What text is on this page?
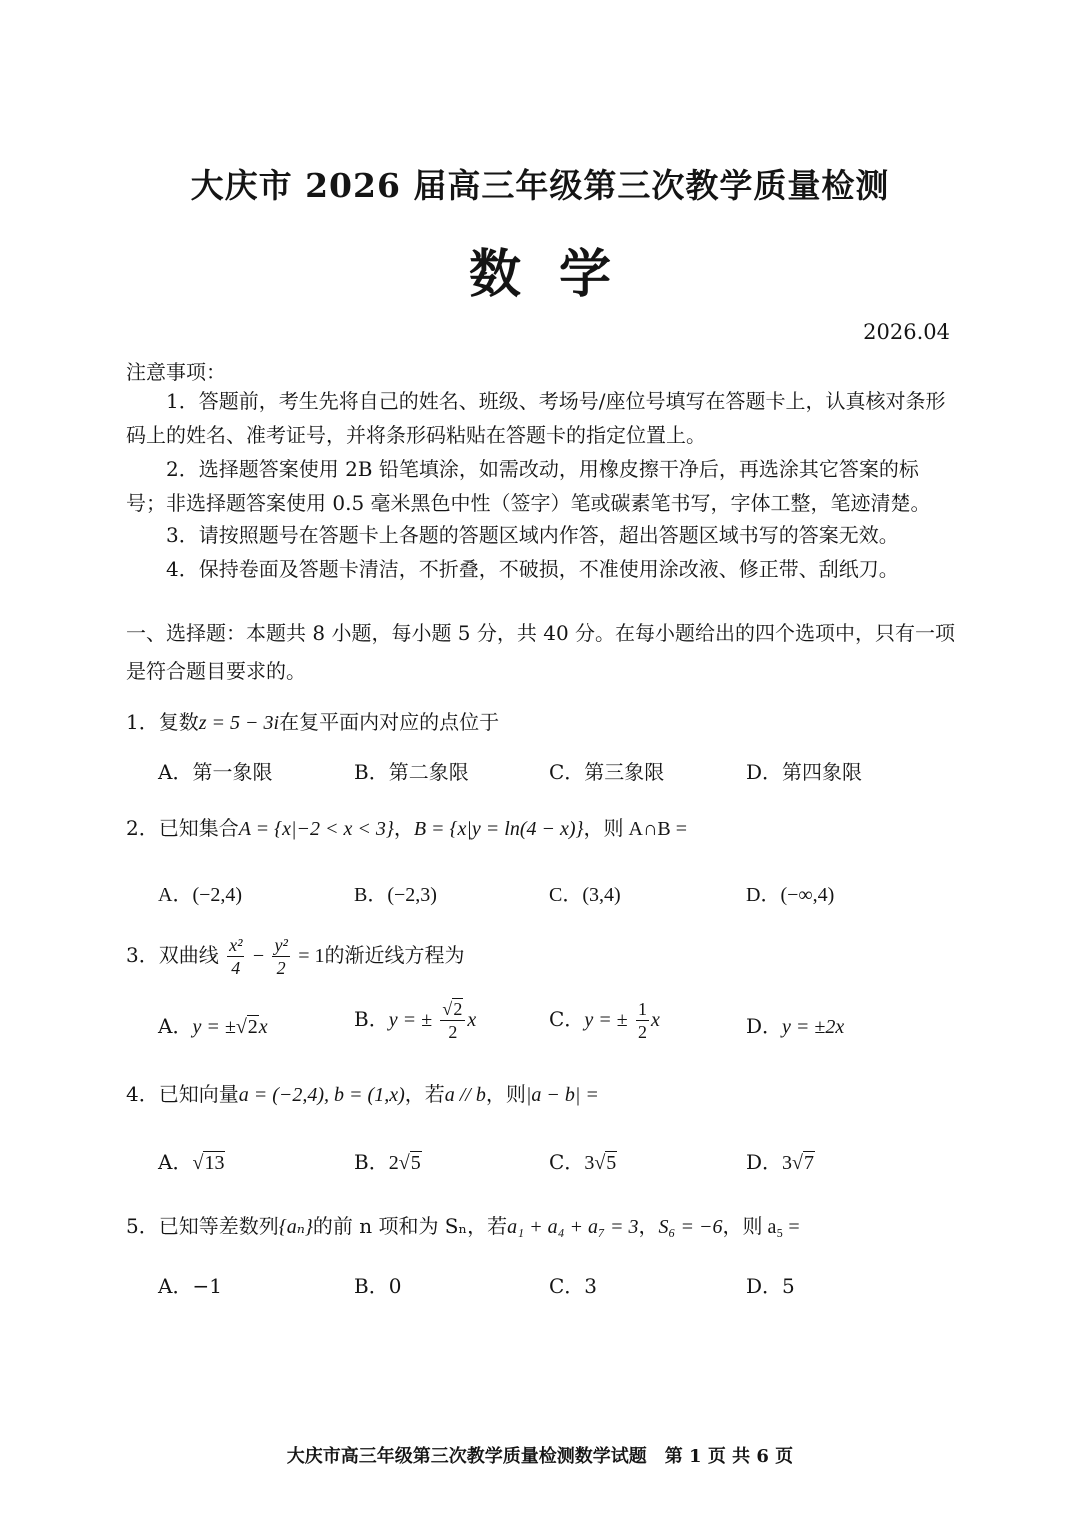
大庆市 2026 届高三年级第三次教学质量检测
数学
2026.04
注意事项：
1．答题前，考生先将自己的姓名、班级、考场号/座位号填写在答题卡上，认真核对条形码上的姓名、准考证号，并将条形码粘贴在答题卡的指定位置上。
2．选择题答案使用 2B 铅笔填涂，如需改动，用橡皮擦干净后，再选涂其它答案的标号；非选择题答案使用 0.5 毫米黑色中性（签字）笔或碳素笔书写，字体工整，笔迹清楚。
3．请按照题号在答题卡上各题的答题区域内作答，超出答题区域书写的答案无效。
4．保持卷面及答题卡清洁，不折叠，不破损，不准使用涂改液、修正带、刮纸刀。
一、选择题：本题共 8 小题，每小题 5 分，共 40 分。在每小题给出的四个选项中，只有一项是符合题目要求的。
1．复数z = 5 − 3i在复平面内对应的点位于
A．第一象限	B．第二象限	C．第三象限	D．第四象限
2．已知集合A = {x|−2 < x < 3}，B = {x|y = ln(4 − x)}，则 A∩B =
A．(−2,4)	B．(−2,3)	C．(3,4)	D．(−∞,4)
3．双曲线 $\frac{\text{x²}}{4} - \frac{\text{y²}}{2} = 1$的渐近线方程为
A．y = ±√2x	B．y = ± $\frac{√2}{2}$ x	C．y = ± $\frac{1}{2}$ x	D．y = ±2x
4．已知向量a = (−2,4), b = (1,x)，若a // b，则|a − b| =
A．√13	B．2√5	C．3√5	D．3√7
5．已知等差数列{aₙ}的前 n 项和为 Sₙ，若a₁ + a₄ + a₇ = 3，S₆ = −6，则 a₅ =
A．−1	B．0	C．3	D．5
大庆市高三年级第三次教学质量检测数学试题　第 1 页 共 6 页
